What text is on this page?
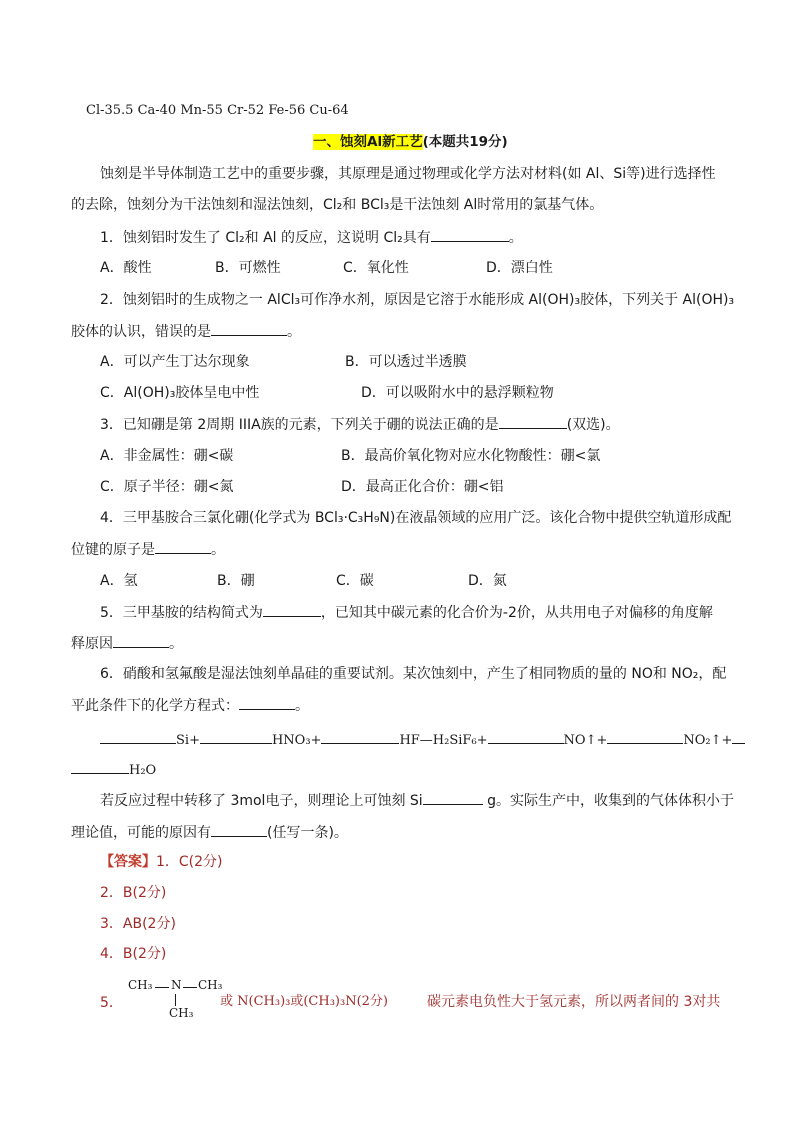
Cl-35.5 Ca-40 Mn-55 Cr-52 Fe-56 Cu-64
一、蚀刻Al新工艺(本题共19分)
蚀刻是半导体制造工艺中的重要步骤，其原理是通过物理或化学方法对材料(如 Al、Si等)进行选择性
的去除，蚀刻分为干法蚀刻和湿法蚀刻，Cl₂和 BCl₃是干法蚀刻 Al时常用的氯基气体。
1．蚀刻铝时发生了 Cl₂和 Al 的反应，这说明 Cl₂具有	。
A．酸性	B．可燃性	C．氧化性	D．漂白性
2．蚀刻铝时的生成物之一 AlCl₃可作净水剂，原因是它溶于水能形成 Al(OH)₃胶体，下列关于 Al(OH)₃
胶体的认识，错误的是	。
A．可以产生丁达尔现象	B．可以透过半透膜
C．Al(OH)₃胶体呈电中性	D．可以吸附水中的悬浮颗粒物
3．已知硼是第 2周期 IIIA族的元素，下列关于硼的说法正确的是	(双选)。
A．非金属性：硼<碳	B．最高价氧化物对应水化物酸性：硼<氯
C．原子半径：硼<氮	D．最高正化合价：硼<铝
4．三甲基胺合三氯化硼(化学式为 BCl₃·C₃H₉N)在液晶领域的应用广泛。该化合物中提供空轨道形成配
位键的原子是	。
A．氢	B．硼	C．碳	D．氮
5．三甲基胺的结构简式为	，已知其中碳元素的化合价为-2价，从共用电子对偏移的角度解
释原因	。
6．硝酸和氢氟酸是湿法蚀刻单晶硅的重要试剂。某次蚀刻中，产生了相同物质的量的 NO和 NO₂，配
平此条件下的化学方程式：	。
Si+	HNO₃+	HF—H₂SiF₆+	NO↑+	NO₂↑+
H₂O
若反应过程中转移了 3mol电子，则理论上可蚀刻 Si	g。实际生产中，收集到的气体体积小于
理论值，可能的原因有	(任写一条)。
【答案】1．C(2分)
2．B(2分)
3．AB(2分)
4．B(2分)
5．
CH₃ N CH₃
CH₃
或 N(CH₃)₃或(CH₃)₃N(2分)	碳元素电负性大于氢元素，所以两者间的 3对共
